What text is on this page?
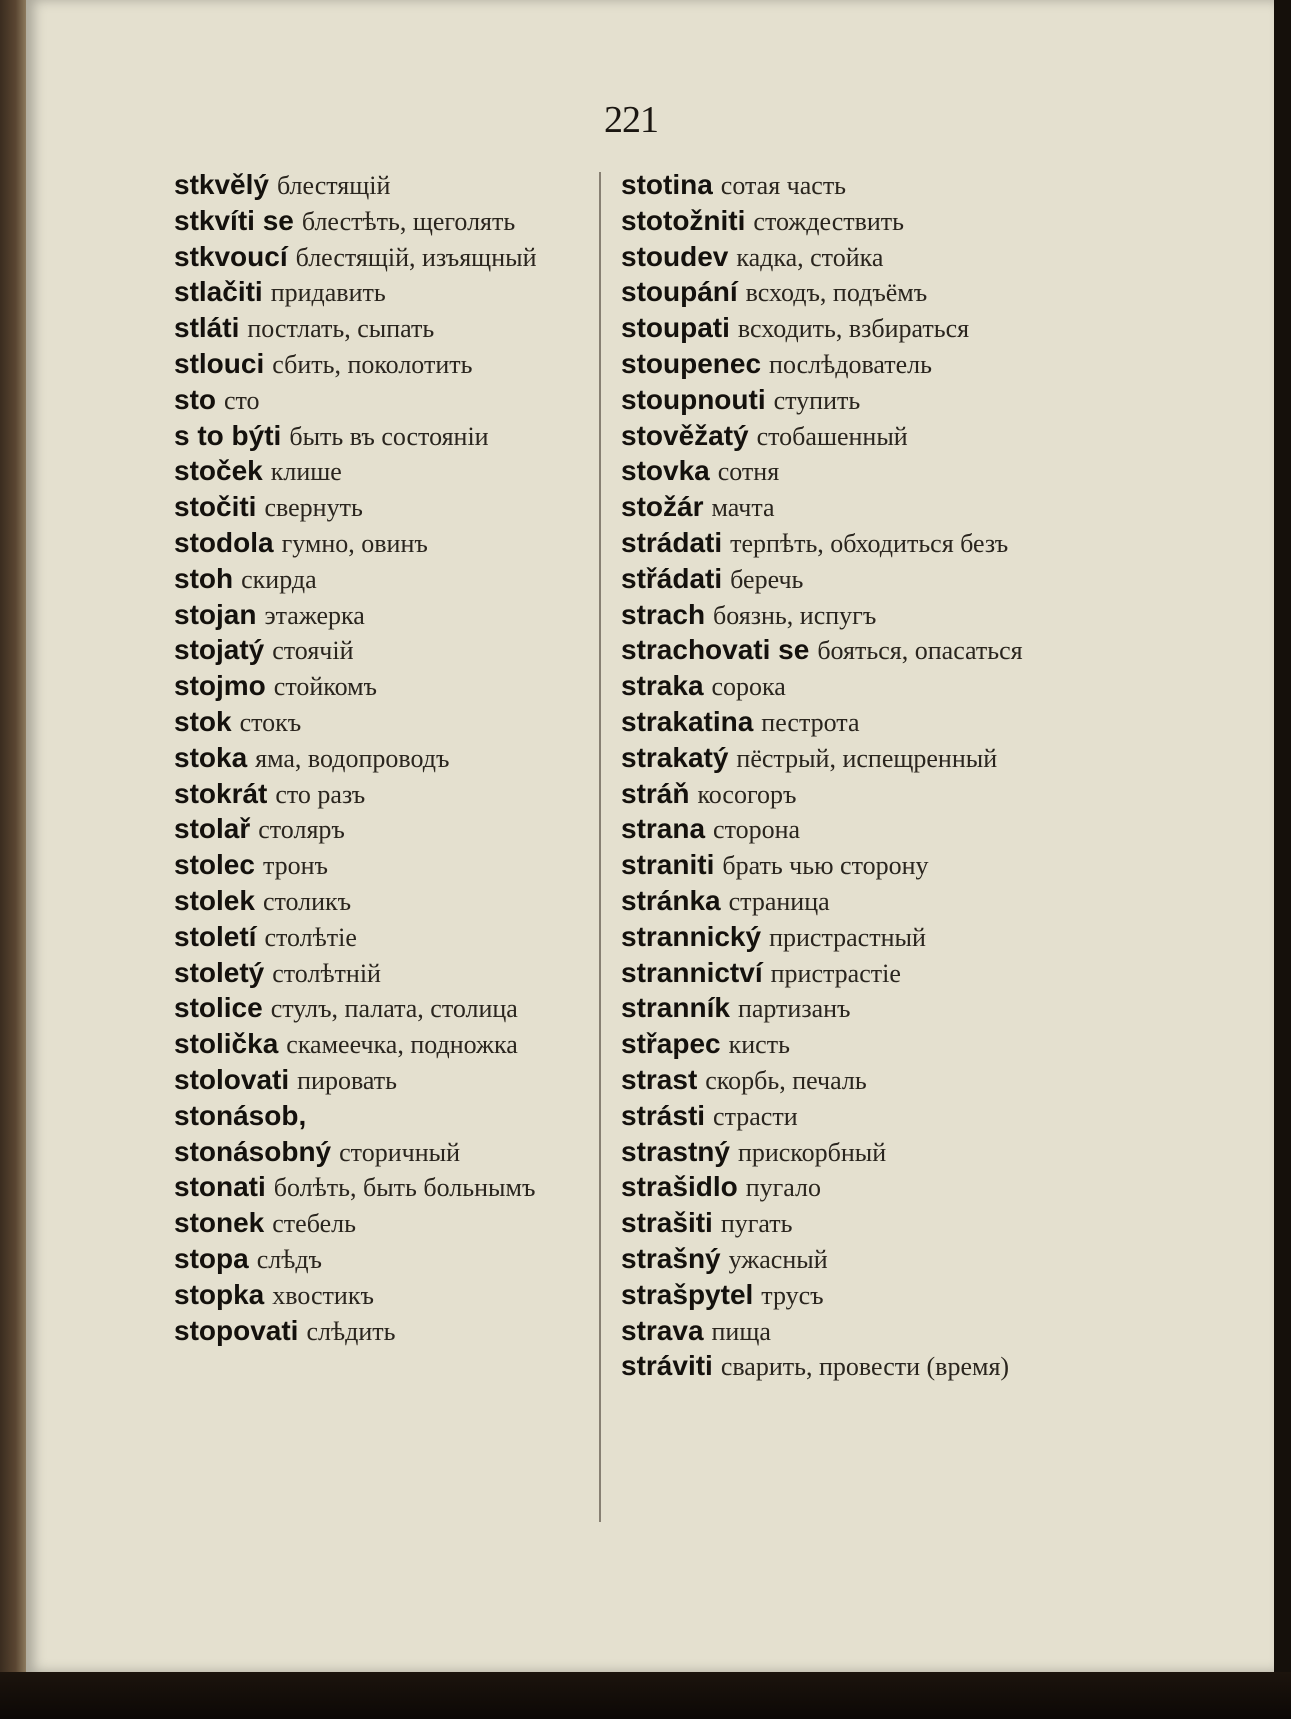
221

stkvělý блестящій

stkvíti se блестѣть, щеголять

stkvoucí блестящій, изъящный

stlačiti придавить

stláti постлать, сыпать

stlouci сбить, поколотить

sto сто

s to býti быть въ состояніи

stoček клише

stočiti свернуть

stodola гумно, овинъ

stoh скирда

stojan этажерка

stojatý стоячій

stojmo стойкомъ

stok стокъ

stoka яма, водопроводъ

stokrát сто разъ

stolař столяръ

stolec тронъ

stolek столикъ

století столѣтіе

stoletý столѣтній

stolice стулъ, палата, столица

stolička скамеечка, подножка

stolovati пировать

stonásob, stonásobný сторичный

stonati болѣть, быть больнымъ

stonek стебель

stopa слѣдъ

stopka хвостикъ

stopovati слѣдить

stotina сотая часть

stotožniti стождествить

stoudev кадка, стойка

stoupání всходъ, подъёмъ

stoupati всходить, взбираться

stoupenec послѣдователь

stoupnouti ступить

stověžatý стобашенный

stovka сотня

stožár мачта

strádati терпѣть, обходиться безъ

střádati беречь

strach боязнь, испугъ

strachovati se бояться, опасаться

straka сорока

strakatina пестрота

strakatý пёстрый, испещренный

stráň косогоръ

strana сторона

straniti брать чью сторону

stránka страница

strannický пристрастный

strannictví пристрастіе

stranník партизанъ

střapec кисть

strast скорбь, печаль

strásti страсти

strastný прискорбный

strašidlo пугало

strašiti пугать

strašný ужасный

strašpytel трусъ

strava пища

stráviti сварить, провести (время)
